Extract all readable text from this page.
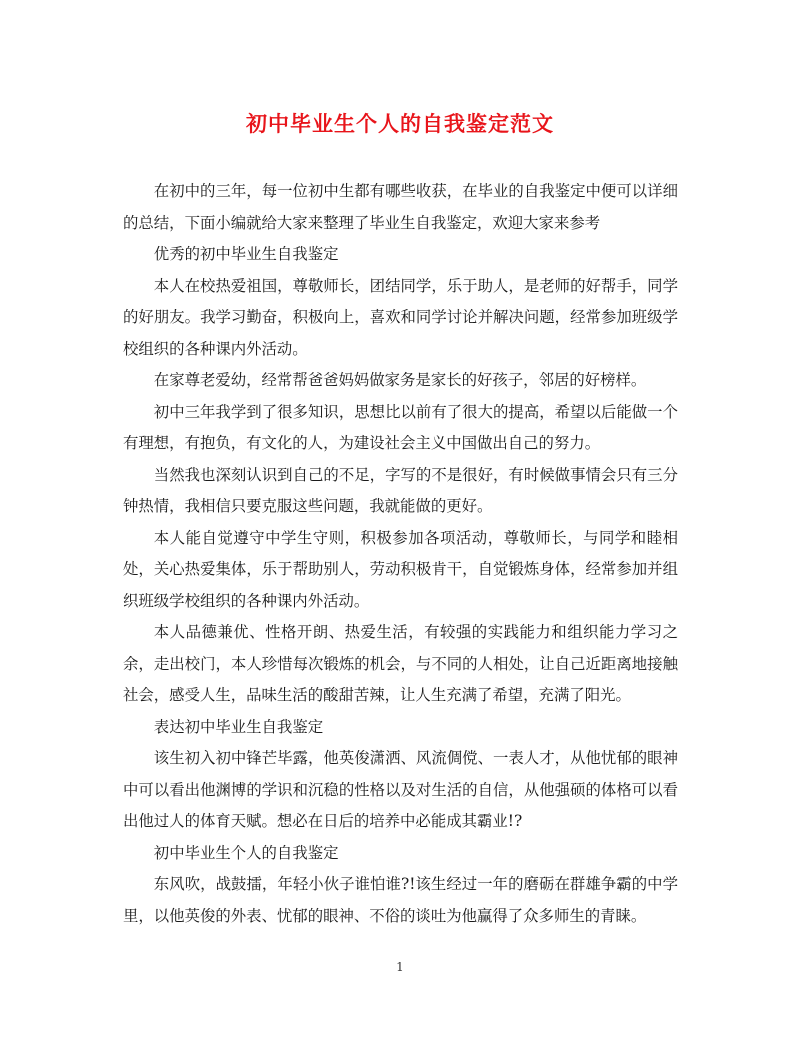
初中毕业生个人的自我鉴定范文

在初中的三年，每一位初中生都有哪些收获，在毕业的自我鉴定中便可以详细的总结，下面小编就给大家来整理了毕业生自我鉴定，欢迎大家来参考

优秀的初中毕业生自我鉴定

本人在校热爱祖国，尊敬师长，团结同学，乐于助人，是老师的好帮手，同学的好朋友。我学习勤奋，积极向上，喜欢和同学讨论并解决问题，经常参加班级学校组织的各种课内外活动。

在家尊老爱幼，经常帮爸爸妈妈做家务是家长的好孩子，邻居的好榜样。

初中三年我学到了很多知识，思想比以前有了很大的提高，希望以后能做一个有理想，有抱负，有文化的人，为建设社会主义中国做出自己的努力。

当然我也深刻认识到自己的不足，字写的不是很好，有时候做事情会只有三分钟热情，我相信只要克服这些问题，我就能做的更好。

本人能自觉遵守中学生守则，积极参加各项活动，尊敬师长，与同学和睦相处，关心热爱集体，乐于帮助别人，劳动积极肯干，自觉锻炼身体，经常参加并组织班级学校组织的各种课内外活动。

本人品德兼优、性格开朗、热爱生活，有较强的实践能力和组织能力学习之余，走出校门，本人珍惜每次锻炼的机会，与不同的人相处，让自己近距离地接触社会，感受人生，品味生活的酸甜苦辣，让人生充满了希望，充满了阳光。

表达初中毕业生自我鉴定

该生初入初中锋芒毕露，他英俊潇洒、风流倜傥、一表人才，从他忧郁的眼神中可以看出他渊博的学识和沉稳的性格以及对生活的自信，从他强硕的体格可以看出他过人的体育天赋。想必在日后的培养中必能成其霸业!?

初中毕业生个人的自我鉴定

东风吹，战鼓擂，年轻小伙子谁怕谁?!该生经过一年的磨砺在群雄争霸的中学里，以他英俊的外表、忧郁的眼神、不俗的谈吐为他赢得了众多师生的青睐。

1
